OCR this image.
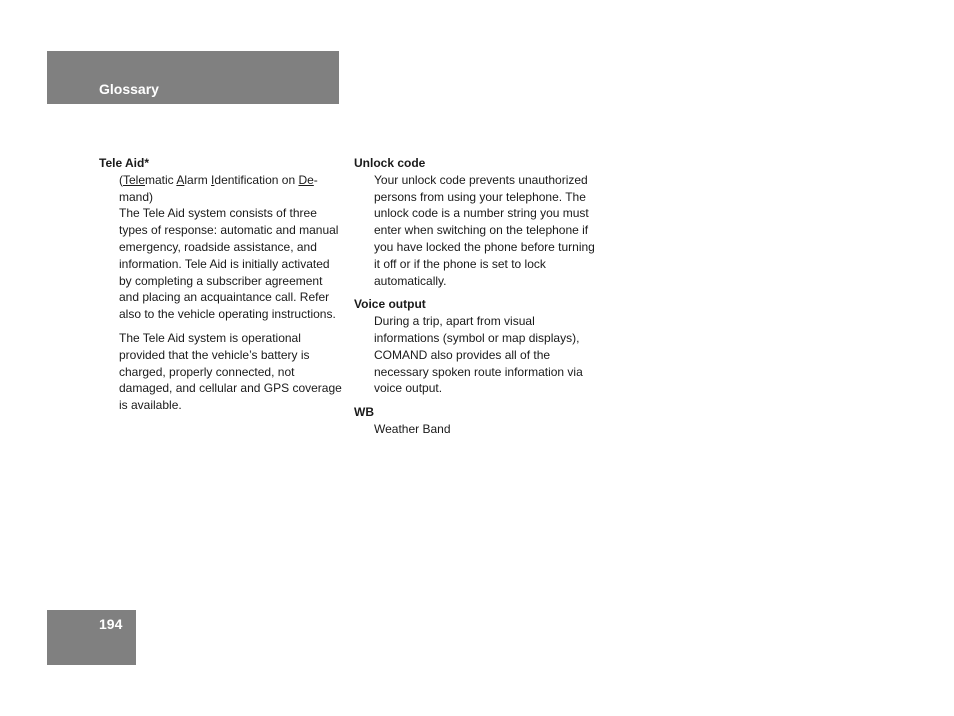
Glossary

Tele Aid*

(Telematic Alarm Identification on De-mand)

The Tele Aid system consists of three types of response: automatic and manual emergency, roadside assistance, and information. Tele Aid is initially activated by completing a subscriber agreement and placing an acquaintance call. Refer also to the vehicle operating instructions.

The Tele Aid system is operational provided that the vehicle’s battery is charged, properly connected, not damaged, and cellular and GPS coverage is available.

Unlock code

Your unlock code prevents unauthorized persons from using your telephone. The unlock code is a number string you must enter when switching on the telephone if you have locked the phone before turning it off or if the phone is set to lock automatically.

Voice output

During a trip, apart from visual informations (symbol or map displays), COMAND also provides all of the necessary spoken route information via voice output.

WB

Weather Band

194
